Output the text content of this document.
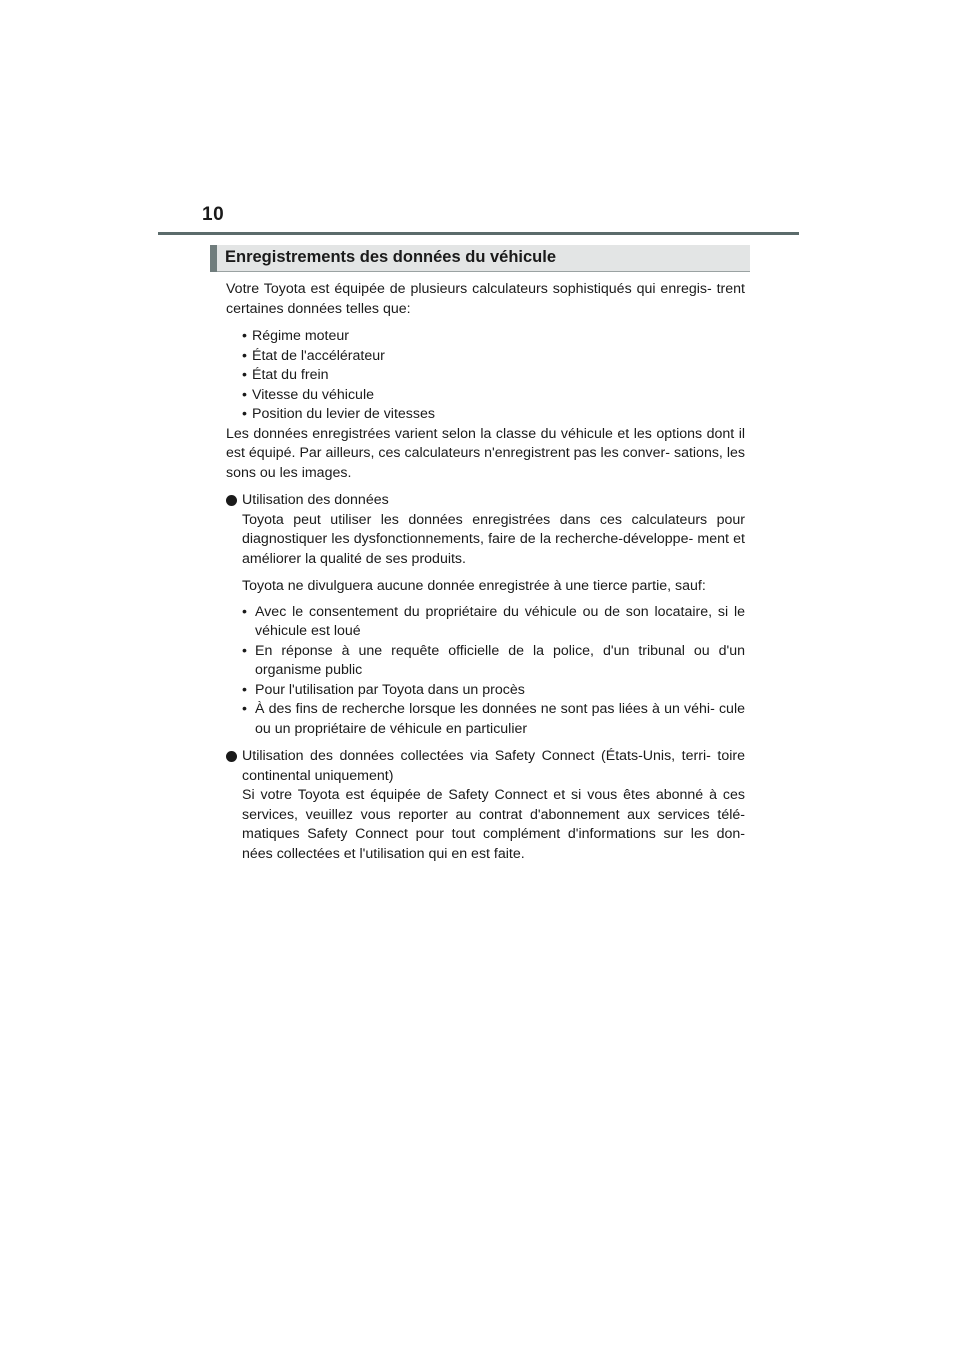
10
Enregistrements des données du véhicule

Votre Toyota est équipée de plusieurs calculateurs sophistiqués qui enregis- trent certaines données telles que:

• Régime moteur
• État de l'accélérateur
• État du frein
• Vitesse du véhicule
• Position du levier de vitesses

Les données enregistrées varient selon la classe du véhicule et les options dont il est équipé. Par ailleurs, ces calculateurs n'enregistrent pas les conver- sations, les sons ou les images.

Utilisation des données

Toyota peut utiliser les données enregistrées dans ces calculateurs pour diagnostiquer les dysfonctionnements, faire de la recherche-développe- ment et améliorer la qualité de ses produits.

Toyota ne divulguera aucune donnée enregistrée à une tierce partie, sauf:

• Avec le consentement du propriétaire du véhicule ou de son locataire, si le véhicule est loué
• En réponse à une requête officielle de la police, d'un tribunal ou d'un organisme public
• Pour l'utilisation par Toyota dans un procès
• À des fins de recherche lorsque les données ne sont pas liées à un véhi- cule ou un propriétaire de véhicule en particulier

Utilisation des données collectées via Safety Connect (États-Unis, terri- toire continental uniquement)

Si votre Toyota est équipée de Safety Connect et si vous êtes abonné à ces services, veuillez vous reporter au contrat d'abonnement aux services télé- matiques Safety Connect pour tout complément d'informations sur les don- nées collectées et l'utilisation qui en est faite.
